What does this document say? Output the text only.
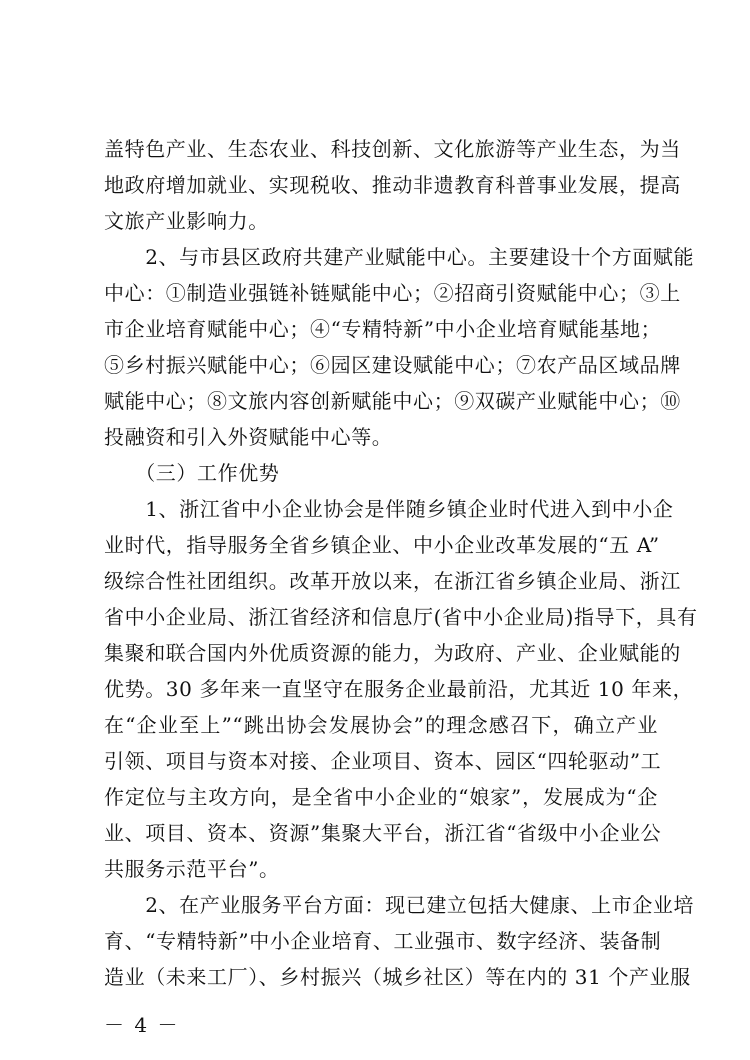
盖特色产业、生态农业、科技创新、文化旅游等产业生态，为当
地政府增加就业、实现税收、推动非遗教育科普事业发展，提高
文旅产业影响力。
　　2、与市县区政府共建产业赋能中心。主要建设十个方面赋能
中心：①制造业强链补链赋能中心；②招商引资赋能中心；③上
市企业培育赋能中心；④“专精特新”中小企业培育赋能基地；
⑤乡村振兴赋能中心；⑥园区建设赋能中心；⑦农产品区域品牌
赋能中心；⑧文旅内容创新赋能中心；⑨双碳产业赋能中心；⑩
投融资和引入外资赋能中心等。
　　（三）工作优势
　　1、浙江省中小企业协会是伴随乡镇企业时代进入到中小企
业时代，指导服务全省乡镇企业、中小企业改革发展的“五 A”
级综合性社团组织。改革开放以来，在浙江省乡镇企业局、浙江
省中小企业局、浙江省经济和信息厅(省中小企业局)指导下，具有
集聚和联合国内外优质资源的能力，为政府、产业、企业赋能的
优势。30 多年来一直坚守在服务企业最前沿，尤其近 10 年来，
在“企业至上”“跳出协会发展协会”的理念感召下，确立产业
引领、项目与资本对接、企业项目、资本、园区“四轮驱动”工
作定位与主攻方向，是全省中小企业的“娘家”，发展成为“企
业、项目、资本、资源”集聚大平台，浙江省“省级中小企业公
共服务示范平台”。
　　2、在产业服务平台方面：现已建立包括大健康、上市企业培
育、“专精特新”中小企业培育、工业强市、数字经济、装备制
造业（未来工厂）、乡村振兴（城乡社区）等在内的 31 个产业服
－ 4 －
